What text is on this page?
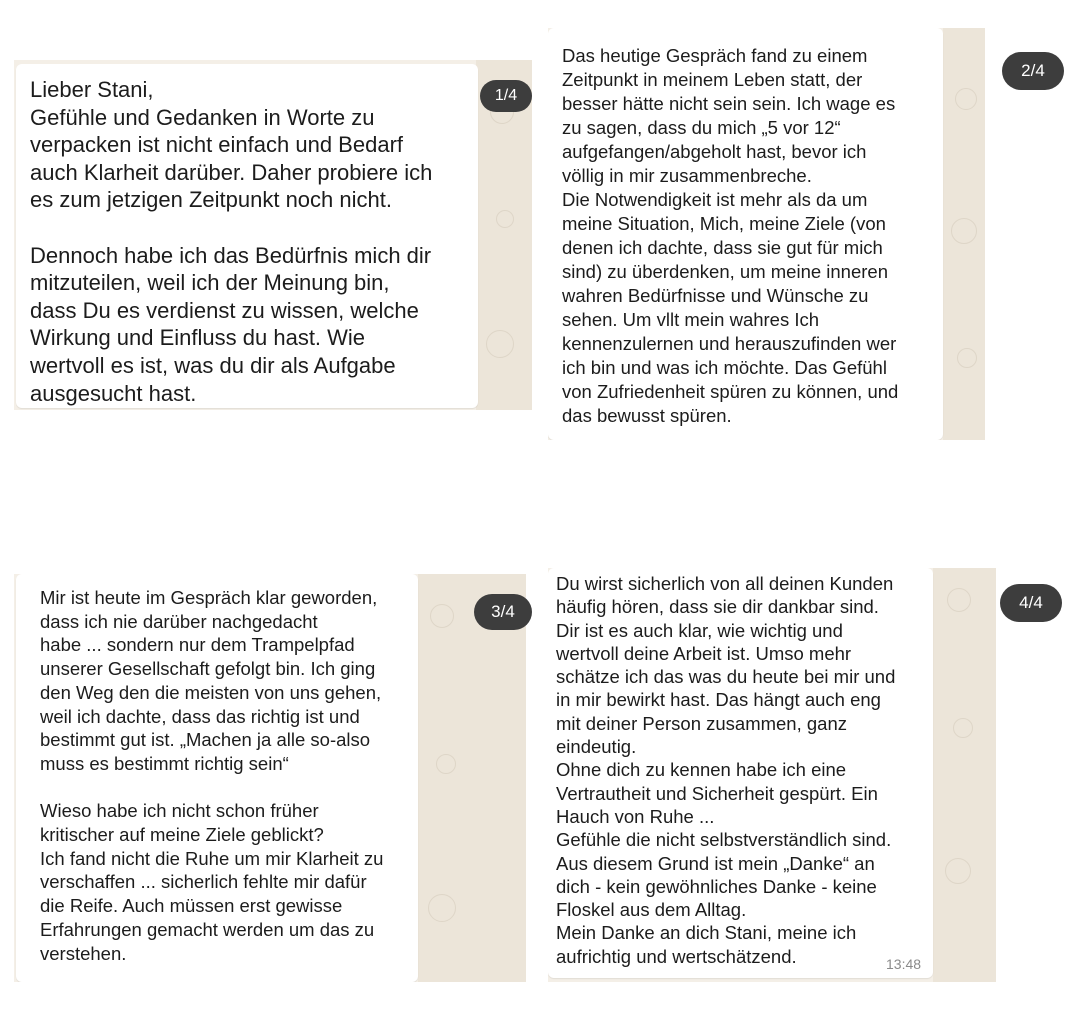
Lieber Stani,
Gefühle und Gedanken in Worte zu
verpacken ist nicht einfach und Bedarf
auch Klarheit darüber. Daher probiere ich
es zum jetzigen Zeitpunkt noch nicht.

Dennoch habe ich das Bedürfnis mich dir
mitzuteilen, weil ich der Meinung bin,
dass Du es verdienst zu wissen, welche
Wirkung und Einfluss du hast. Wie
wertvoll es ist, was du dir als Aufgabe
ausgesucht hast.

1/4

Das heutige Gespräch fand zu einem
Zeitpunkt in meinem Leben statt, der
besser hätte nicht sein sein. Ich wage es
zu sagen, dass du mich „5 vor 12“
aufgefangen/abgeholt hast, bevor ich
völlig in mir zusammenbreche.
Die Notwendigkeit ist mehr als da um
meine Situation, Mich, meine Ziele (von
denen ich dachte, dass sie gut für mich
sind) zu überdenken, um meine inneren
wahren Bedürfnisse und Wünsche zu
sehen. Um vllt mein wahres Ich
kennenzulernen und herauszufinden wer
ich bin und was ich möchte. Das Gefühl
von Zufriedenheit spüren zu können, und
das bewusst spüren.

2/4

Mir ist heute im Gespräch klar geworden,
dass ich nie darüber nachgedacht
habe ... sondern nur dem Trampelpfad
unserer Gesellschaft gefolgt bin. Ich ging
den Weg den die meisten von uns gehen,
weil ich dachte, dass das richtig ist und
bestimmt gut ist. „Machen ja alle so-also
muss es bestimmt richtig sein“

Wieso habe ich nicht schon früher
kritischer auf meine Ziele geblickt?
Ich fand nicht die Ruhe um mir Klarheit zu
verschaffen ... sicherlich fehlte mir dafür
die Reife. Auch müssen erst gewisse
Erfahrungen gemacht werden um das zu
verstehen.

3/4

Du wirst sicherlich von all deinen Kunden
häufig hören, dass sie dir dankbar sind.
Dir ist es auch klar, wie wichtig und
wertvoll deine Arbeit ist. Umso mehr
schätze ich das was du heute bei mir und
in mir bewirkt hast. Das hängt auch eng
mit deiner Person zusammen, ganz
eindeutig.
Ohne dich zu kennen habe ich eine
Vertrautheit und Sicherheit gespürt. Ein
Hauch von Ruhe ...
Gefühle die nicht selbstverständlich sind.
Aus diesem Grund ist mein „Danke“ an
dich - kein gewöhnliches Danke - keine
Floskel aus dem Alltag.
Mein Danke an dich Stani, meine ich
aufrichtig und wertschätzend.	13:48
4/4
